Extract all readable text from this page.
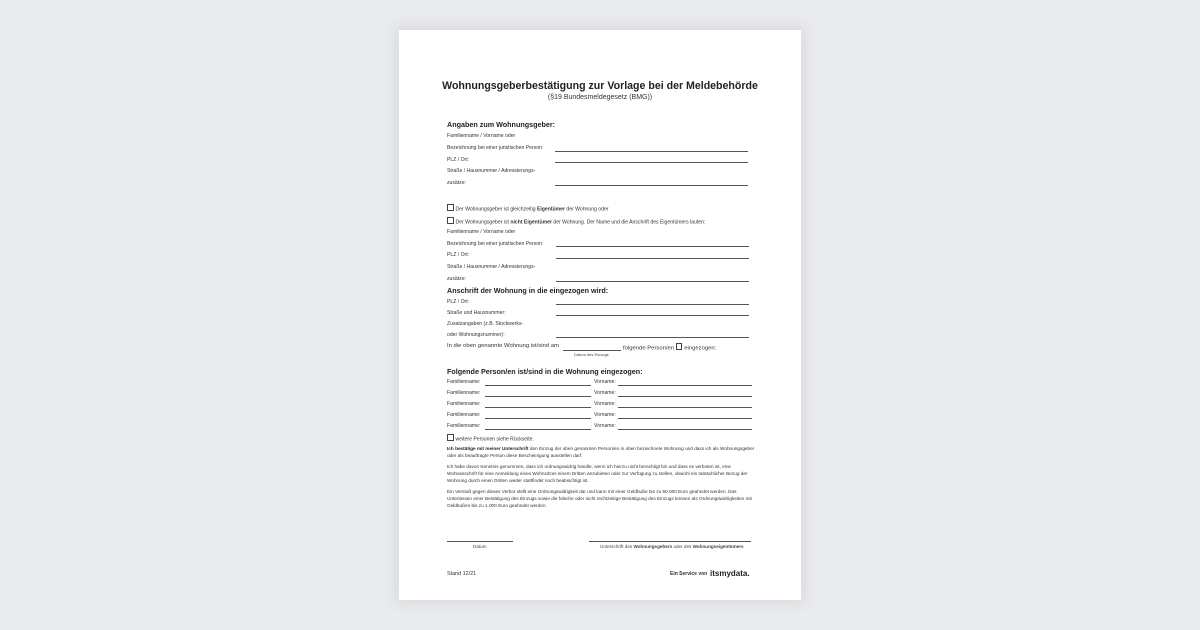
Wohnungsgeberbestätigung zur Vorlage bei der Meldebehörde
(§19 Bundesmeldegesetz (BMG))
Angaben zum Wohnungsgeber:
Familienname / Vorname oder
Bezeichnung bei einer juristischen Person:
PLZ / Ort:
Straße / Hausnummer / Adressierungs-
zusätze:
Der Wohnungsgeber ist gleichzeitig Eigentümer der Wohnung oder
Der Wohnungsgeber ist nicht Eigentümer der Wohnung. Der Name und die Anschrift des Eigentümers lauten:
Familienname / Vorname oder
Bezeichnung bei einer juristischen Person:
PLZ / Ort:
Straße / Hausnummer / Adressierungs-
zusätze:
Anschrift der Wohnung in die eingezogen wird:
PLZ / Ort:
Straße und Hausnummer:
Zusatzangaben (z.B. Stockwerks-
oder Wohnungsnummer):
In die oben genannte Wohnung ist/sind am	folgende Person/en eingezogen:
Datum des Einzugs
Folgende Person/en ist/sind in die Wohnung eingezogen:
Familienname:	Vorname:
Familienname:	Vorname:
Familienname:	Vorname:
Familienname:	Vorname:
Familienname:	Vorname:
weitere Personen siehe Rückseite.
Ich bestätige mit meiner Unterschrift den Einzug der oben genannten Person/en in oben bezeichnete Wohnung und dass ich als Wohnungsgeber oder als beauftragte Person diese Bescheinigung ausstellen darf.
Ich habe davon Kenntnis genommen, dass ich ordnungswidrig handle, wenn ich hierzu nicht berechtigt bin und dass es verboten ist, eine Wohnanschrift für eine Anmeldung eines Wohnsitzes einem Dritten anzubieten oder zur Verfügung zu stellen, obwohl ein tatsächlicher Bezug der Wohnung durch einen Dritten weder stattfindet noch beabsichtigt ist.
Ein Verstoß gegen dieses Verbot stellt eine Ordnungswidrigkeit dar und kann mit einer Geldbuße bis zu 50.000 Euro geahndet werden. Das Unterlassen einer Bestätigung des Einzugs sowie die falsche oder nicht rechtzeitige Bestätigung des Einzugs können als Ordnungswidrigkeiten mit Geldbußen bis zu 1.000 Euro geahndet werden.
Datum	Unterschrift des Wohnungsgebers oder des Wohnungseigentümers
Stand 12/21	Ein Service von itsmydata.
